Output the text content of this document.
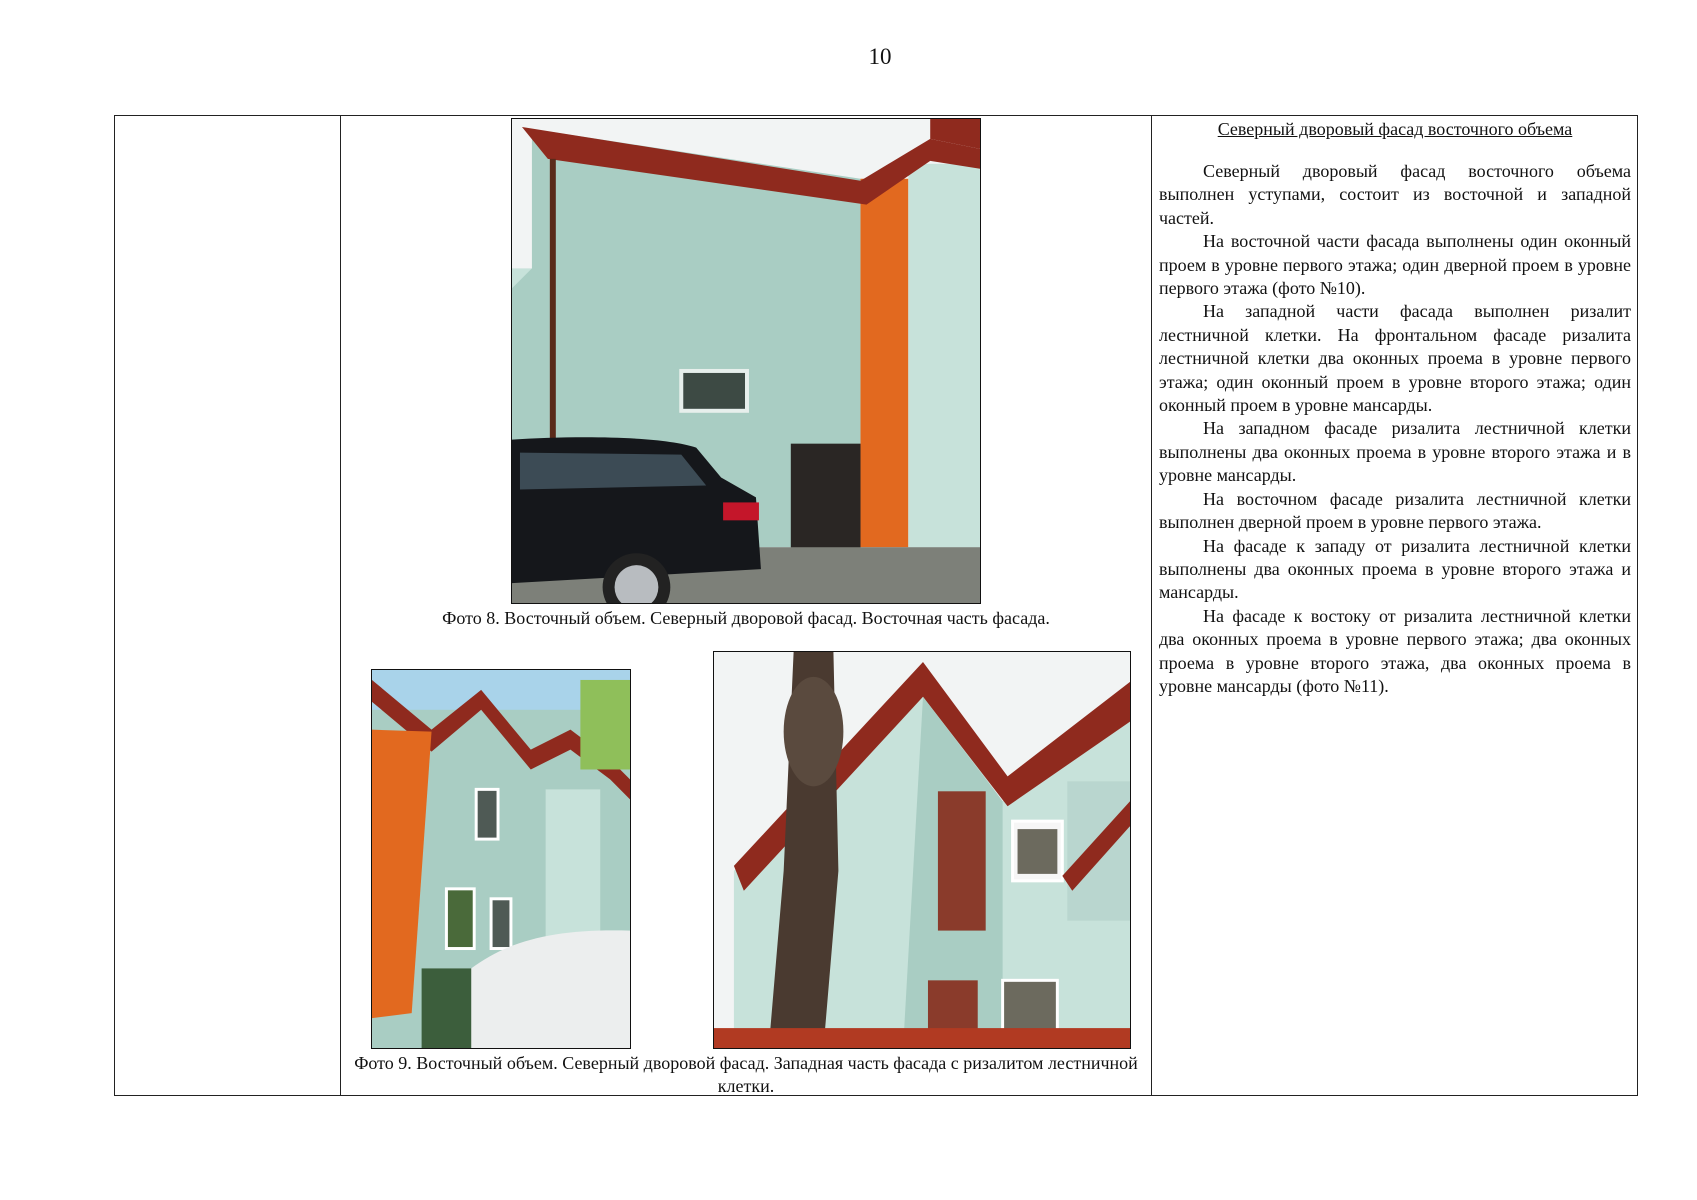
10
Фото 8. Восточный объем. Северный дворовой фасад. Восточная часть фасада.
Фото 9. Восточный объем. Северный дворовой фасад. Западная часть фасада с ризалитом лестничной клетки.
Северный дворовый фасад восточного объема

Северный дворовый фасад восточного объема выполнен уступами, состоит из восточной и западной частей.

На восточной части фасада выполнены один оконный проем в уровне первого этажа; один дверной проем в уровне первого этажа (фото №10).

На западной части фасада выполнен ризалит лестничной клетки. На фронтальном фасаде ризалита лестничной клетки два оконных проема в уровне первого этажа; один оконный проем в уровне второго этажа; один оконный проем в уровне мансарды.

На западном фасаде ризалита лестничной клетки выполнены два оконных проема в уровне второго этажа и в уровне мансарды.

На восточном фасаде ризалита лестничной клетки выполнен дверной проем в уровне первого этажа.

На фасаде к западу от ризалита лестничной клетки выполнены два оконных проема в уровне второго этажа и мансарды.

На фасаде к востоку от ризалита лестничной клетки два оконных проема в уровне первого этажа; два оконных проема в уровне второго этажа, два оконных проема в уровне мансарды (фото №11).
